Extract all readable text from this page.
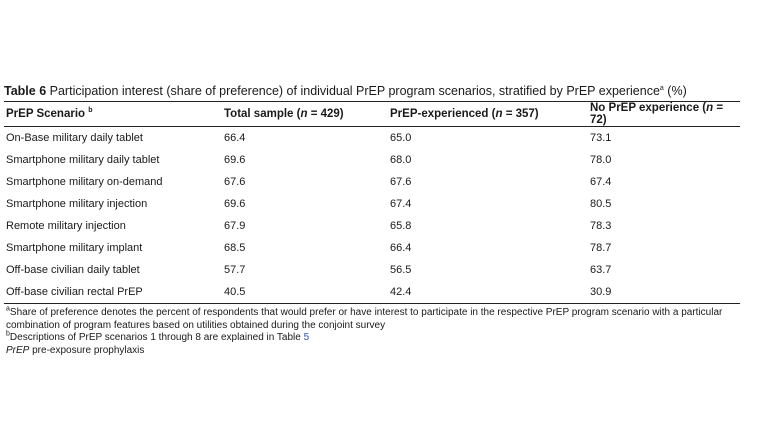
Table 6 Participation interest (share of preference) of individual PrEP program scenarios, stratified by PrEP experience$^a$ (%)

PrEP Scenario $^b$	Total sample (n = 429)	PrEP-experienced (n = 357)	No PrEP experience (n = 72)
On-Base military daily tablet	66.4	65.0	73.1
Smartphone military daily tablet	69.6	68.0	78.0
Smartphone military on-demand	67.6	67.6	67.4
Smartphone military injection	69.6	67.4	80.5
Remote military injection	67.9	65.8	78.3
Smartphone military implant	68.5	66.4	78.7
Off-base civilian daily tablet	57.7	56.5	63.7
Off-base civilian rectal PrEP	40.5	42.4	30.9

$^a$Share of preference denotes the percent of respondents that would prefer or have interest to participate in the respective PrEP program scenario with a particular combination of program features based on utilities obtained during the conjoint survey

$^b$Descriptions of PrEP scenarios 1 through 8 are explained in Table 5

PrEP pre-exposure prophylaxis
